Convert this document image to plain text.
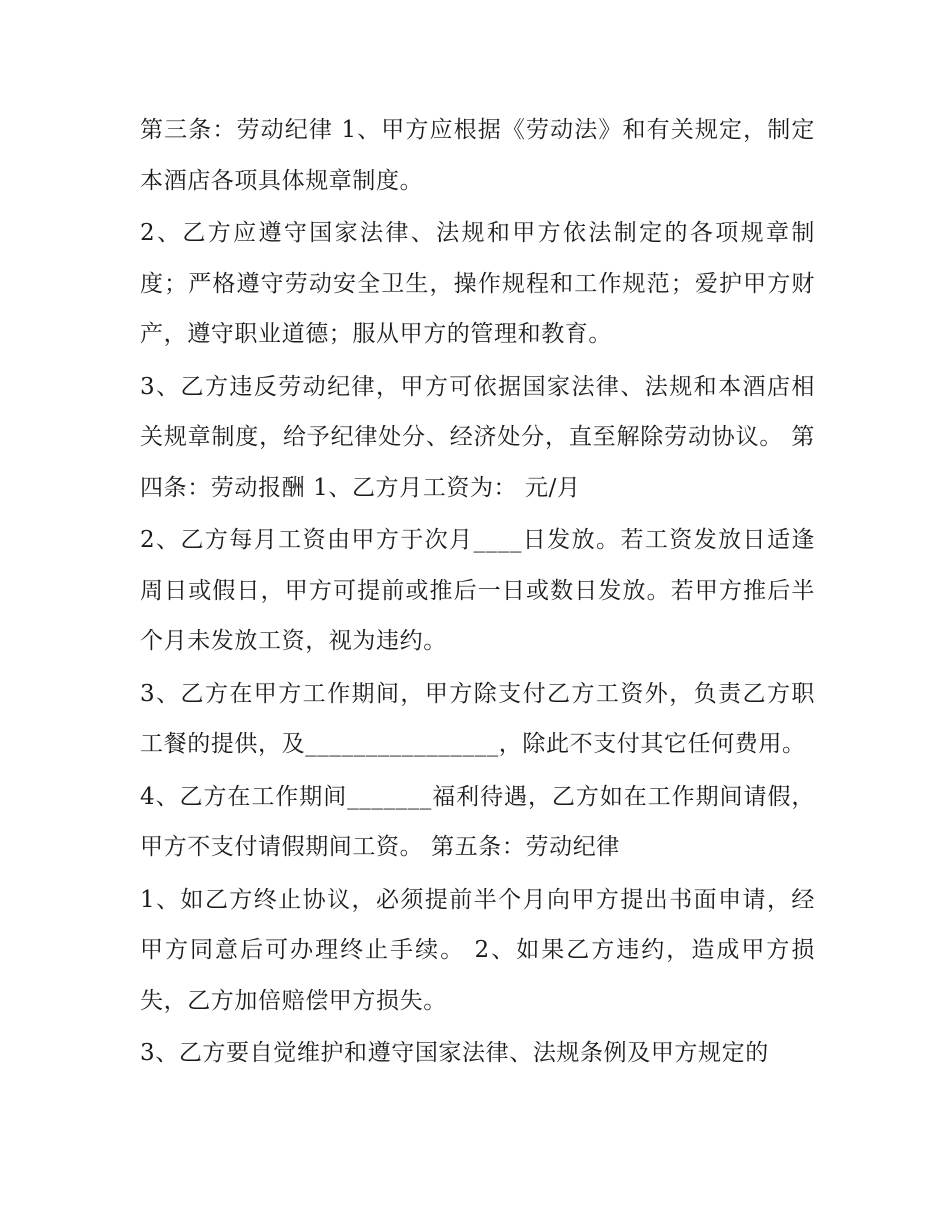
第三条：劳动纪律 1、甲方应根据《劳动法》和有关规定，制定本酒店各项具体规章制度。

2、乙方应遵守国家法律、法规和甲方依法制定的各项规章制度；严格遵守劳动安全卫生，操作规程和工作规范；爱护甲方财产，遵守职业道德；服从甲方的管理和教育。

3、乙方违反劳动纪律，甲方可依据国家法律、法规和本酒店相关规章制度，给予纪律处分、经济处分，直至解除劳动协议。 第四条：劳动报酬 1、乙方月工资为： 元/月

2、乙方每月工资由甲方于次月____日发放。若工资发放日适逢周日或假日，甲方可提前或推后一日或数日发放。若甲方推后半个月未发放工资，视为违约。

3、乙方在甲方工作期间，甲方除支付乙方工资外，负责乙方职工餐的提供，及________________，除此不支付其它任何费用。

4、乙方在工作期间_______福利待遇，乙方如在工作期间请假，甲方不支付请假期间工资。 第五条：劳动纪律

1、如乙方终止协议，必须提前半个月向甲方提出书面申请，经甲方同意后可办理终止手续。 2、如果乙方违约，造成甲方损失，乙方加倍赔偿甲方损失。

3、乙方要自觉维护和遵守国家法律、法规条例及甲方规定的
